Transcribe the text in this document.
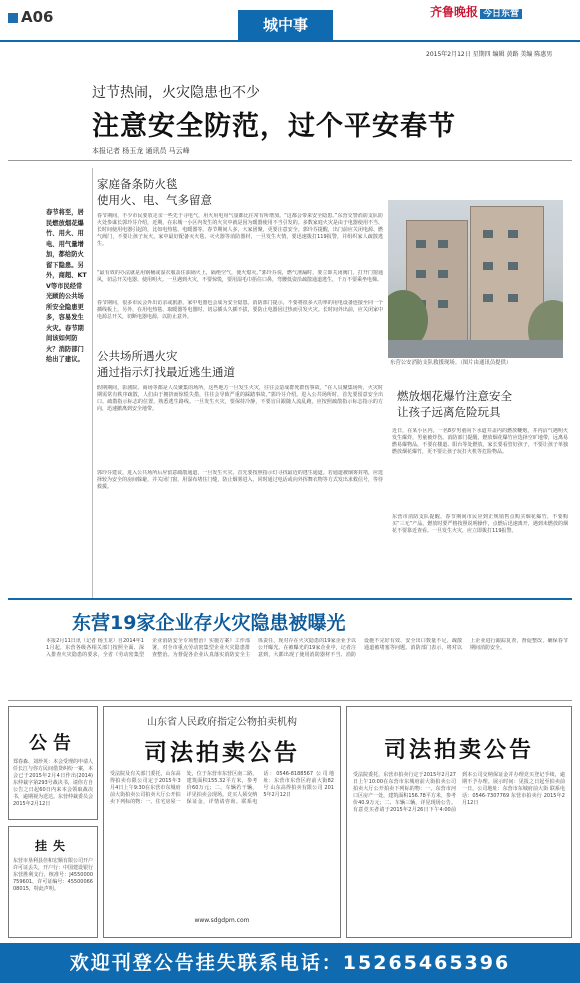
A06	城中事
齐鲁晚报 今日东营
2015年2月12日 星期四 编辑 黄路 美编 陈惠男
过节热闹，火灾隐患也不少
注意安全防范，过个平安春节
本报记者 杨玉龙 通讯员 马云峰
春节将至，居民燃放烟花爆竹、用火、用电、用气量增加，都给防火留下隐患。另外，商超、KTV等市民经常光顾的公共场所安全隐患更多，容易发生火灾。春节期间该如何防火？消防部门给出了建议。
家庭备条防火毯
使用火、电、气多留意
春节期间，不少市民要放走亲一些先于寻电气，用火用电用气量都比往常有所增加。“这都会带来安全隐患。”东营交警消防支队防火处参谋长郭玲芬介绍，近期，在东城一小区内发生的火灾中就是因为暖器使用不当引发的。多数家庭火灾是由于电器使用不当、长时间使用电器引起的，比如电热毯、电暖器等。春节期间人多，大家团聚，更要注意安全。郭玲芬提醒，出门前应关闭电源、燃气阀门，不要让孩子玩火。家中最好配备灭火毯、灭火器等消防器材，一旦发生火情，要迅速拨打119报警，并组织家人疏散逃生。
“最有效的办法就是用钢桶或湿衣服盖住油锅火上，隔绝空气，使火熄灭。”郭玲芬说，燃气泄漏时，要立即关闭阀门，打开门窗通风，切忌开关电器、使用明火。一旦遇到火灾，不要惊慌，要用湿毛巾捂住口鼻，弯腰低姿沿疏散通道逃生，千万不要乘坐电梯。
春节期间，很多市民会外出访亲或旅游，家中电器也会成为安全隐患。消防部门提示，不要将很多大功率的用电设备连接至同一个插线板上，另外，在用电热毯、取暖器等电器时，切忌插头久插不拔，要防止电器因过热而引发火灾。长时间外出前，应关闭家中电源总开关，切断电器电源，以防止意外。
公共场所遇火灾
通过指示灯找最近逃生通道
假期期间，影剧院、商场等都是人员聚集的场所，这些地方一旦发生火灾，往往会造成群死群伤事故。“在人员聚集场所，火灾时期需常有秩序疏散，人们由于拥挤而惊慌失措，往往会导致严重的踩踏事故。”郭玲芬介绍。进入公共场所时，首先要留意安全出口、疏散指示标志的位置，熟悉逃生路线。一旦发生火灾，要保持冷静，不要盲目跟随人流乱跑，应按照疏散指示标志指示的方向，迅速撤离到安全地带。
郭玲芬建议，进入公共场所后应留意疏散通道，一旦发生火灾，首先要按照指示灯寻找最近的逃生通道。若通道被烟雾封堵，应选择较为安全的房间躲避，并关闭门窗，用湿布堵住门缝，防止烟雾进入，同时通过电话或向外挥舞衣物等方式发出求救信号，等待救援。
东营公安消防支队救援现场。（图片由通讯员提供）
燃放烟花爆竹注意安全
让孩子远离危险玩具
近日，在某小区内，一名8岁男童向下水道井盖内的燃放鞭炮，井内沼气遇明火发生爆炸，男童被炸伤。消防部门提醒，燃放烟花爆竹应选择空旷地带，远离易燃易爆物品，不要在楼道、阳台等处燃放。家长要看管好孩子，不要让孩子单独燃放烟花爆竹，更不要让孩子玩打火机等危险物品。
东营市消防支队提醒，春节期间市民应到正规销售点购买烟花爆竹，不要购买“三无”产品。燃放时要严格按照说明操作，点燃后迅速离开，遇到未燃放的烟花不要靠近查看。一旦发生火灾，应立即拨打119报警。
东营19家企业存火灾隐患被曝光
本报2月11日讯（记者 杨玉龙）自2014年11月起，东营各级各相关部门按照全面、深入排查火灾隐患的要求，全省《劳动密集型企业消防安全专项整治》实施方案》工作部署，对全市重点劳动密集型企业火灾隐患排查整治。为督促各企业认真落实消防安全主体责任，现对存在火灾隐患的19家企业予以公开曝光。在被曝光的19家企业中，记者注意到，大都出现了使用消防器材不当、消防设施不完好有效、安全出口数量不足、疏散通道被堵塞等问题。消防部门表示，将对以上企业进行跟踪复查，督促整改，确保春节期间消防安全。
公告
郑春森、刘珍英：本会受理的申请人任长江与你方民间借贷纠纷一案，本会已于2015年2月4日作出(2014)东仲裁字第293号裁决书，请你方自公告之日起60日内来本会领取裁决书，逾期视为送达。东营仲裁委员会 2015年2月12日
挂失
东营市垦利县佳和宏顺有限公司开户许可证丢失，开户行：中国建设银行东营胜利支行，核准号：J4550000759601，许可证编号：4550006608015，特此声明。
山东省人民政府指定公物拍卖机构
司法拍卖公告
受法院及有关部门委托，山东高得拍卖有限公司定于2015年3月4日上午9:30在东营市东城府前大街拍卖公司拍卖大厅公开拍卖下列标的物：一、住宅房屋一处，位于东营市东营区南二路，建筑面积155.32平方米，参考价60万元；二、车辆若干辆，详见拍卖会现场。竞买人须交纳保证金，详情请咨询。联系电话：0546-8188567 公司地址：东营市东营区府前大街82号 山东高得拍卖有限公司 2015年2月12日
www.sdgdpm.com
司法拍卖公告
受法院委托，东营市拍卖行定于2015年2月27日上午10:00在东营市东城府前大街拍卖公司拍卖大厅公开拍卖下列标的物：一、东营市河口区房产一处，建筑面积156.78平方米，参考价40.9万元；二、车辆三辆，详见现场公告。有意竞买者请于2015年2月26日下午4:00前到本公司交纳保证金并办理竞买登记手续，逾期不予办理。展示时间：见报之日起至拍卖前一日。公司地址：东营市东城府前大街 联系电话：0546-7307769 东营市拍卖行 2015年2月12日
欢迎刊登公告挂失联系电话：15265465396
